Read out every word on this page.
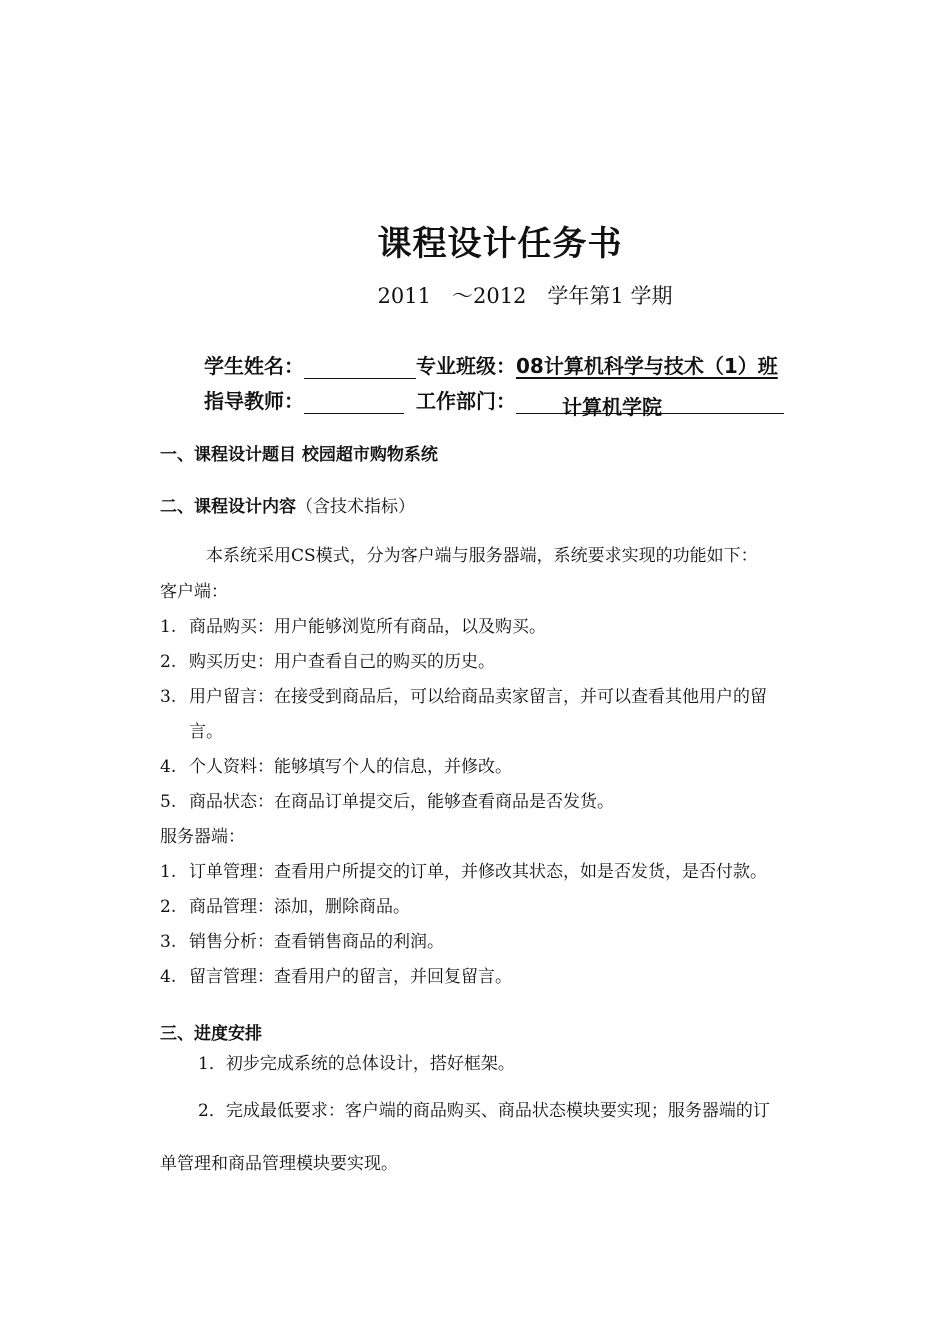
课程设计任务书
2011　～2012　学年第1 学期
学生姓名：	专业班级：08计算机科学与技术（1）班
指导教师：	工作部门： 计算机学院
一、课程设计题目 校园超市购物系统
二、课程设计内容（含技术指标）
本系统采用CS模式，分为客户端与服务器端，系统要求实现的功能如下：
客户端：
1. 商品购买：用户能够浏览所有商品，以及购买。
2. 购买历史：用户查看自己的购买的历史。
3. 用户留言：在接受到商品后，可以给商品卖家留言，并可以查看其他用户的留
言。
4. 个人资料：能够填写个人的信息，并修改。
5. 商品状态：在商品订单提交后，能够查看商品是否发货。
服务器端：
1. 订单管理：查看用户所提交的订单，并修改其状态，如是否发货，是否付款。
2. 商品管理：添加，删除商品。
3. 销售分析：查看销售商品的利润。
4. 留言管理：查看用户的留言，并回复留言。
三、进度安排
1．初步完成系统的总体设计，搭好框架。
2．完成最低要求：客户端的商品购买、商品状态模块要实现；服务器端的订
单管理和商品管理模块要实现。
